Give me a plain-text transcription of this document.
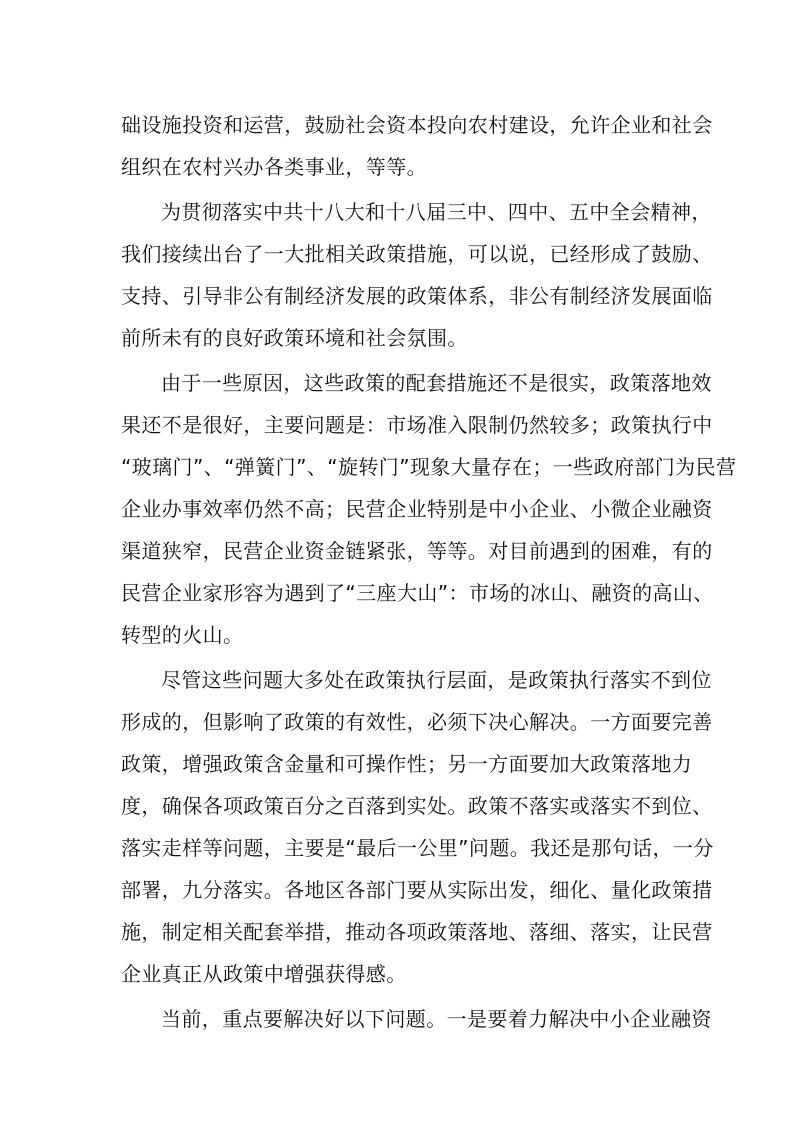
础设施投资和运营，鼓励社会资本投向农村建设，允许企业和社会
组织在农村兴办各类事业，等等。
为贯彻落实中共十八大和十八届三中、四中、五中全会精神，
我们接续出台了一大批相关政策措施，可以说，已经形成了鼓励、
支持、引导非公有制经济发展的政策体系，非公有制经济发展面临
前所未有的良好政策环境和社会氛围。
由于一些原因，这些政策的配套措施还不是很实，政策落地效
果还不是很好，主要问题是：市场准入限制仍然较多；政策执行中
“玻璃门”、“弹簧门”、“旋转门”现象大量存在；一些政府部门为民营
企业办事效率仍然不高；民营企业特别是中小企业、小微企业融资
渠道狭窄，民营企业资金链紧张，等等。对目前遇到的困难，有的
民营企业家形容为遇到了“三座大山”：市场的冰山、融资的高山、
转型的火山。
尽管这些问题大多处在政策执行层面，是政策执行落实不到位
形成的，但影响了政策的有效性，必须下决心解决。一方面要完善
政策，增强政策含金量和可操作性；另一方面要加大政策落地力
度，确保各项政策百分之百落到实处。政策不落实或落实不到位、
落实走样等问题，主要是“最后一公里”问题。我还是那句话，一分
部署，九分落实。各地区各部门要从实际出发，细化、量化政策措
施，制定相关配套举措，推动各项政策落地、落细、落实，让民营
企业真正从政策中增强获得感。
当前，重点要解决好以下问题。一是要着力解决中小企业融资
